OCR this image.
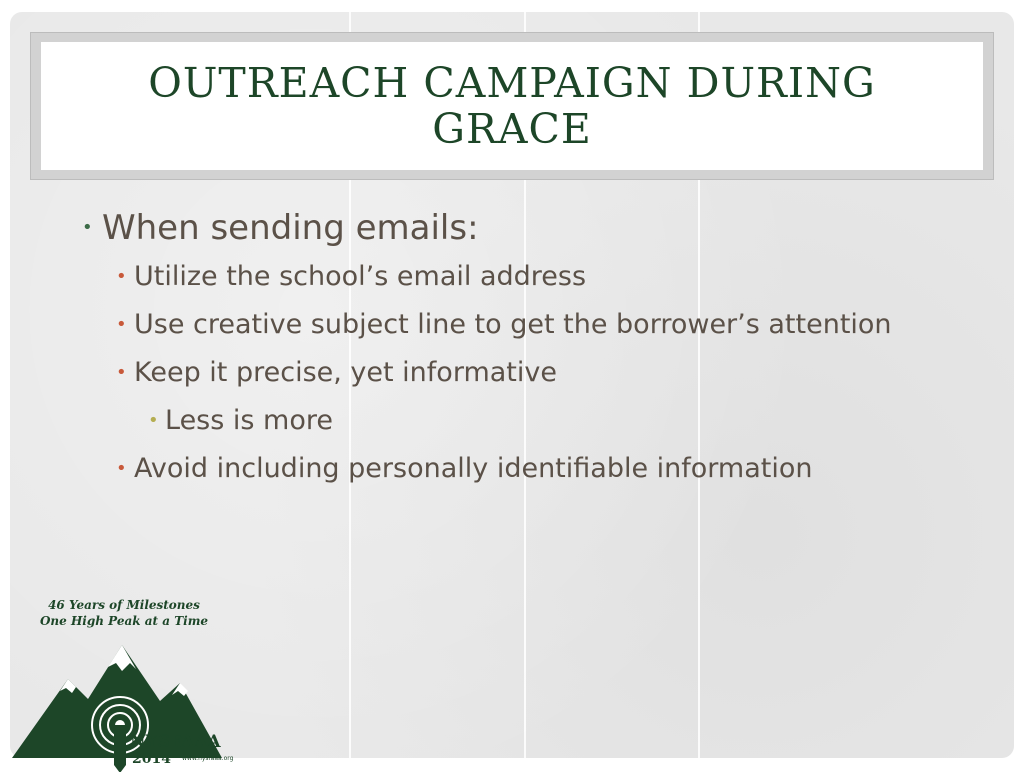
OUTREACH CAMPAIGN DURING GRACE
• When sending emails:
• Utilize the school’s email address
• Use creative subject line to get the borrower’s attention
• Keep it precise, yet informative
• Less is more
• Avoid including personally identifiable information
46 Years of Milestones
One High Peak at a Time
NYSFAAA
2014 www.nysfaaa.org
